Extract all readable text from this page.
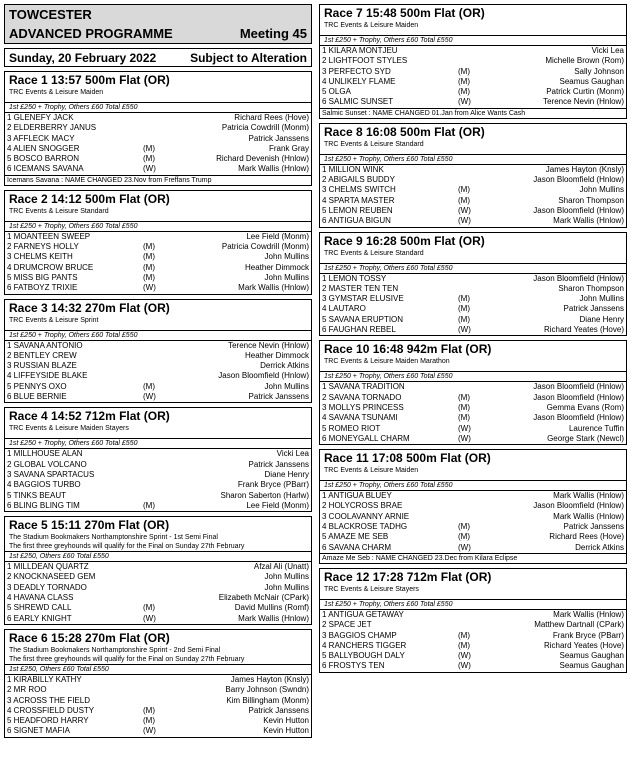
TOWCESTER
ADVANCED PROGRAMME	Meeting 45
Sunday, 20 February 2022	Subject to Alteration
Race 1 13:57 500m Flat (OR)
TRC Events & Leisure Maiden
1st £250 + Trophy, Others £60 Total £550
1 GLENEFY JACK	Richard Rees (Hove)
2 ELDERBERRY JANUS	Patricia Cowdrill (Monm)
3 AFFLECK MACY	Patrick Janssens
4 ALIEN SNOGGER	(M)	Frank Gray
5 BOSCO BARRON	(M)	Richard Devenish (Hnlow)
6 ICEMANS SAVANA	(W)	Mark Wallis (Hnlow)
Icemans Savana : NAME CHANGED 23.Nov from Freffans Trump
Race 2 14:12 500m Flat (OR)
TRC Events & Leisure Standard
1st £250 + Trophy, Others £60 Total £550
1 MOANTEEN SWEEP	Lee Field (Monm)
2 FARNEYS HOLLY	(M)	Patricia Cowdrill (Monm)
3 CHELMS KEITH	(M)	John Mullins
4 DRUMCROW BRUCE	(M)	Heather Dimmock
5 MISS BIG PANTS	(M)	John Mullins
6 FATBOYZ TRIXIE	(W)	Mark Wallis (Hnlow)
Race 3 14:32 270m Flat (OR)
TRC Events & Leisure Sprint
1st £250 + Trophy, Others £60 Total £550
1 SAVANA ANTONIO	Terence Nevin (Hnlow)
2 BENTLEY CREW	Heather Dimmock
3 RUSSIAN BLAZE	Derrick Atkins
4 LIFFEYSIDE BLAKE	Jason Bloomfield (Hnlow)
5 PENNYS OXO	(M)	John Mullins
6 BLUE BERNIE	(W)	Patrick Janssens
Race 4 14:52 712m Flat (OR)
TRC Events & Leisure Maiden Stayers
1st £250 + Trophy, Others £60 Total £550
1 MILLHOUSE ALAN	Vicki Lea
2 GLOBAL VOLCANO	Patrick Janssens
3 SAVANA SPARTACUS	Diane Henry
4 BAGGIOS TURBO	Frank Bryce (PBarr)
5 TINKS BEAUT	Sharon Saberton (Harlw)
6 BLING BLING TIM	(M)	Lee Field (Monm)
Race 5 15:11 270m Flat (OR)
The Stadium Bookmakers Northamptonshire Sprint - 1st Semi Final
The first three greyhounds will qualify for the Final on Sunday 27th February
1st £250, Others £60 Total £550
1 MILLDEAN QUARTZ	Afzal Ali (Unatt)
2 KNOCKNASEED GEM	John Mullins
3 DEADLY TORNADO	John Mullins
4 HAVANA CLASS	Elizabeth McNair (CPark)
5 SHREWD CALL	(M)	David Mullins (Romf)
6 EARLY KNIGHT	(W)	Mark Wallis (Hnlow)
Race 6 15:28 270m Flat (OR)
The Stadium Bookmakers Northamptonshire Sprint - 2nd Semi Final
The first three greyhounds will qualify for the Final on Sunday 27th February
1st £250, Others £60 Total £550
1 KIRABILLY KATHY	James Hayton (Knsly)
2 MR ROO	Barry Johnson (Swndn)
3 ACROSS THE FIELD	Kim Billingham (Monm)
4 CROSSFIELD DUSTY	(M)	Patrick Janssens
5 HEADFORD HARRY	(M)	Kevin Hutton
6 SIGNET MAFIA	(W)	Kevin Hutton
Race 7 15:48 500m Flat (OR)
TRC Events & Leisure Maiden
1st £250 + Trophy, Others £60 Total £550
1 KILARA MONTJEU	Vicki Lea
2 LIGHTFOOT STYLES	Michelle Brown (Rom)
3 PERFECTO SYD	(M)	Sally Johnson
4 UNLIKELY FLAME	(M)	Seamus Gaughan
5 OLGA	(M)	Patrick Curtin (Monm)
6 SALMIC SUNSET	(W)	Terence Nevin (Hnlow)
Salmic Sunset : NAME CHANGED 01.Jan from Alice Wants Cash
Race 8 16:08 500m Flat (OR)
TRC Events & Leisure Standard
1st £250 + Trophy, Others £60 Total £550
1 MILLION WINK	James Hayton (Knsly)
2 ABIGAILS BUDDY	Jason Bloomfield (Hnlow)
3 CHELMS SWITCH	(M)	John Mullins
4 SPARTA MASTER	(M)	Sharon Thompson
5 LEMON REUBEN	(W)	Jason Bloomfield (Hnlow)
6 ANTIGUA BIGUN	(W)	Mark Wallis (Hnlow)
Race 9 16:28 500m Flat (OR)
TRC Events & Leisure Standard
1st £250 + Trophy, Others £60 Total £550
1 LEMON TOSSY	Jason Bloomfield (Hnlow)
2 MASTER TEN TEN	Sharon Thompson
3 GYMSTAR ELUSIVE	(M)	John Mullins
4 LAUTARO	(M)	Patrick Janssens
5 SAVANA ERUPTION	(M)	Diane Henry
6 FAUGHAN REBEL	(W)	Richard Yeates (Hove)
Race 10 16:48 942m Flat (OR)
TRC Events & Leisure Maiden Marathon
1st £250 + Trophy, Others £60 Total £550
1 SAVANA TRADITION	Jason Bloomfield (Hnlow)
2 SAVANA TORNADO	(M)	Jason Bloomfield (Hnlow)
3 MOLLYS PRINCESS	(M)	Gemma Evans (Rom)
4 SAVANA TSUNAMI	(M)	Jason Bloomfield (Hnlow)
5 ROMEO RIOT	(W)	Laurence Tuffin
6 MONEYGALL CHARM	(W)	George Stark (Newcl)
Race 11 17:08 500m Flat (OR)
TRC Events & Leisure Maiden
1st £250 + Trophy, Others £60 Total £550
1 ANTIGUA BLUEY	Mark Wallis (Hnlow)
2 HOLYCROSS BRAE	Jason Bloomfield (Hnlow)
3 COOLAVANNY ARNIE	Mark Wallis (Hnlow)
4 BLACKROSE TADHG	(M)	Patrick Janssens
5 AMAZE ME SEB	(M)	Richard Rees (Hove)
6 SAVANA CHARM	(W)	Derrick Atkins
Amaze Me Seb : NAME CHANGED 23.Dec from Kilara Eclipse
Race 12 17:28 712m Flat (OR)
TRC Events & Leisure Stayers
1st £250 + Trophy, Others £60 Total £550
1 ANTIGUA GETAWAY	Mark Wallis (Hnlow)
2 SPACE JET	Matthew Dartnall (CPark)
3 BAGGIOS CHAMP	(M)	Frank Bryce (PBarr)
4 RANCHERS TIGGER	(M)	Richard Yeates (Hove)
5 BALLYBOUGH DALY	(W)	Seamus Gaughan
6 FROSTYS TEN	(W)	Seamus Gaughan
